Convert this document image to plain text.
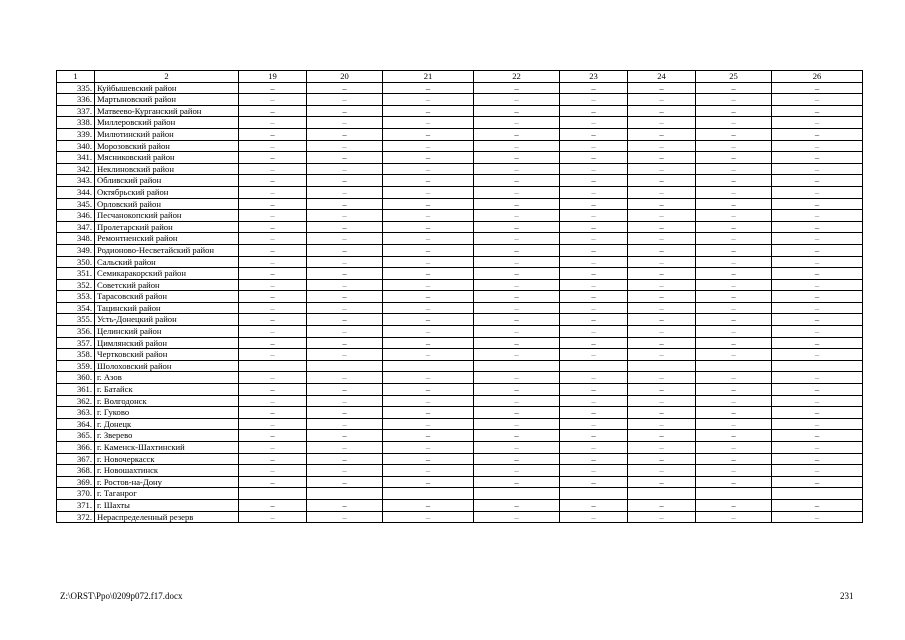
1	2	19	20	21	22	23	24	25	26
335.	Куйбышевский район	–	–	–	–	–	–	–	–
336.	Мартыновский район	–	–	–	–	–	–	–	–
337.	Матвеево-Курганский район	–	–	–	–	–	–	–	–
338.	Миллеровский район	–	–	–	–	–	–	–	–
339.	Милютинский район	–	–	–	–	–	–	–	–
340.	Морозовский район	–	–	–	–	–	–	–	–
341.	Мясниковский район	–	–	–	–	–	–	–	–
342.	Неклиновский район	–	–	–	–	–	–	–	–
343.	Обливский район	–	–	–	–	–	–	–	–
344.	Октябрьский район	–	–	–	–	–	–	–	–
345.	Орловский район	–	–	–	–	–	–	–	–
346.	Песчанокопский район	–	–	–	–	–	–	–	–
347.	Пролетарский район	–	–	–	–	–	–	–	–
348.	Ремонтненский район	–	–	–	–	–	–	–	–
349.	Родионово-Несветайский район	–	–	–	–	–	–	–	–
350.	Сальский район	–	–	–	–	–	–	–	–
351.	Семикаракорский район	–	–	–	–	–	–	–	–
352.	Советский район	–	–	–	–	–	–	–	–
353.	Тарасовский район	–	–	–	–	–	–	–	–
354.	Тацинский район	–	–	–	–	–	–	–	–
355.	Усть-Донецкий район	–	–	–	–	–	–	–	–
356.	Целинский район	–	–	–	–	–	–	–	–
357.	Цимлянский район	–	–	–	–	–	–	–	–
358.	Чертковский район	–	–	–	–	–	–	–	–
359.	Шолоховский район								
360.	г. Азов	–	–	–	–	–	–	–	–
361.	г. Батайск	–	–	–	–	–	–	–	–
362.	г. Волгодонск	–	–	–	–	–	–	–	–
363.	г. Гуково	–	–	–	–	–	–	–	–
364.	г. Донецк	–	–	–	–	–	–	–	–
365.	г. Зверево	–	–	–	–	–	–	–	–
366.	г. Каменск-Шахтинский	–	–	–	–	–	–	–	–
367.	г. Новочеркасск	–	–	–	–	–	–	–	–
368.	г. Новошахтинск	–	–	–	–	–	–	–	–
369.	г. Ростов-на-Дону	–	–	–	–	–	–	–	–
370.	г. Таганрог								
371.	г. Шахты	–	–	–	–	–	–	–	–
372.	Нераспределенный резерв	–	–	–	–	–	–	–	–
Z:\ORST\Ppo\0209p072.f17.docx	231
